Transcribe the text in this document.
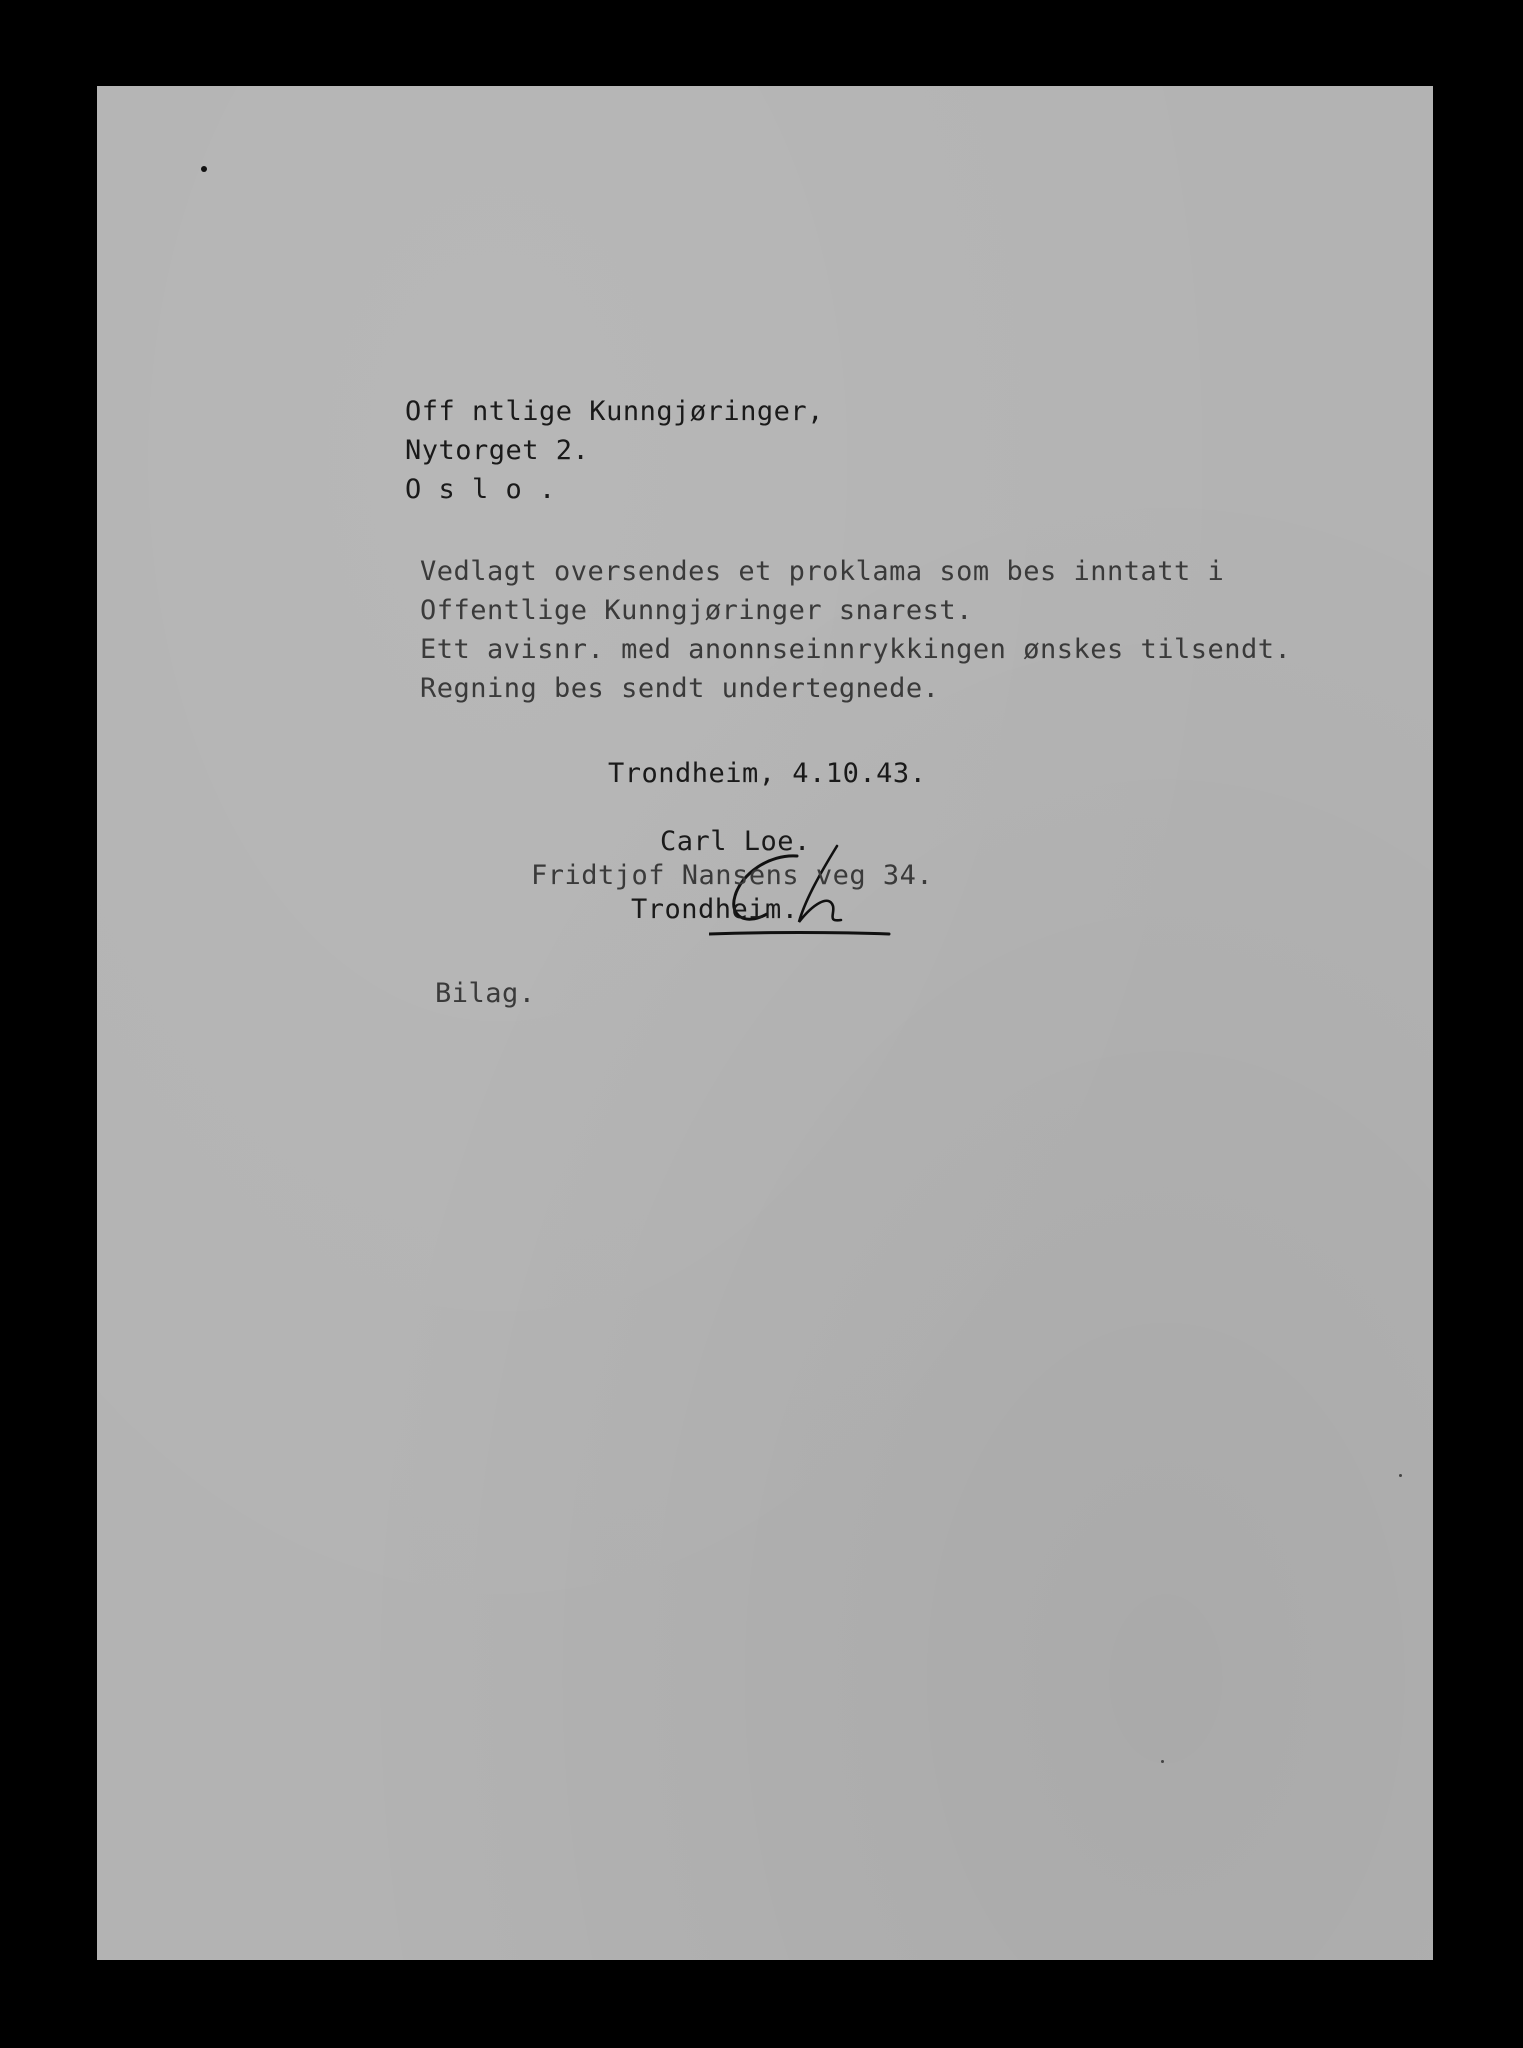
Off ntlige Kunngjøringer,

Nytorget 2.

O s l o .

Vedlagt oversendes et proklama som bes inntatt i

Offentlige Kunngjøringer snarest.

Ett avisnr. med anonnseinnrykkingen ønskes tilsendt.

Regning bes sendt undertegnede.

Trondheim, 4.10.43.

Carl Loe.

Fridtjof Nansens veg 34.

Trondheim.

Bilag.
